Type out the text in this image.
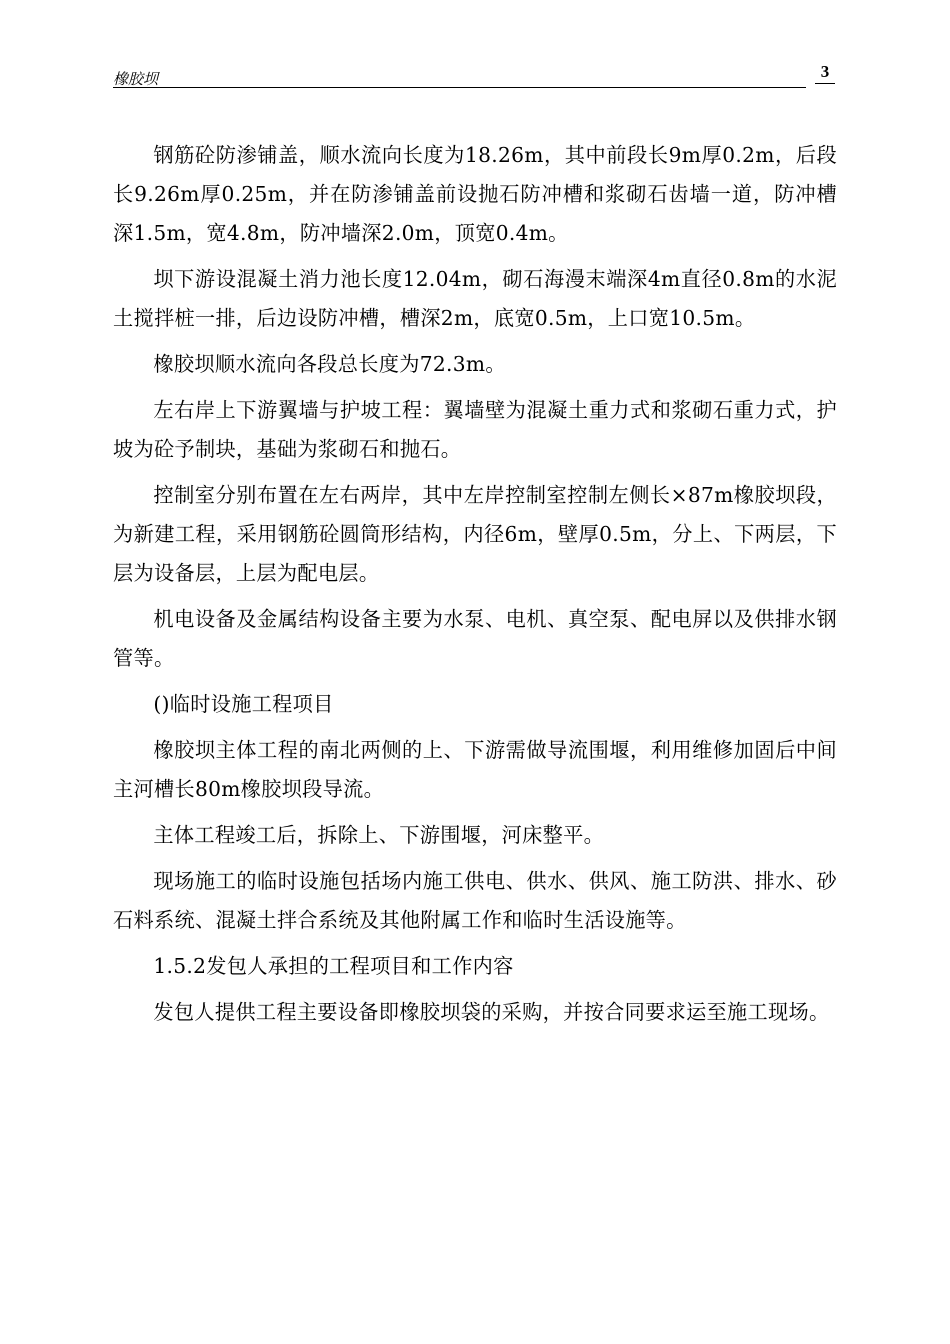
橡胶坝	3

钢筋砼防渗铺盖，顺水流向长度为18.26m，其中前段长9m厚0.2m，后段长9.26m厚0.25m，并在防渗铺盖前设抛石防冲槽和浆砌石齿墙一道，防冲槽深1.5m，宽4.8m，防冲墙深2.0m，顶宽0.4m。

坝下游设混凝土消力池长度12.04m，砌石海漫末端深4m直径0.8m的水泥土搅拌桩一排，后边设防冲槽，槽深2m，底宽0.5m，上口宽10.5m。

橡胶坝顺水流向各段总长度为72.3m。

左右岸上下游翼墙与护坡工程：翼墙壁为混凝土重力式和浆砌石重力式，护坡为砼予制块，基础为浆砌石和抛石。

控制室分别布置在左右两岸，其中左岸控制室控制左侧长×87m橡胶坝段，为新建工程，采用钢筋砼圆筒形结构，内径6m，壁厚0.5m，分上、下两层，下层为设备层，上层为配电层。

机电设备及金属结构设备主要为水泵、电机、真空泵、配电屏以及供排水钢管等。

()临时设施工程项目

橡胶坝主体工程的南北两侧的上、下游需做导流围堰，利用维修加固后中间主河槽长80m橡胶坝段导流。

主体工程竣工后，拆除上、下游围堰，河床整平。

现场施工的临时设施包括场内施工供电、供水、供风、施工防洪、排水、砂石料系统、混凝土拌合系统及其他附属工作和临时生活设施等。

1.5.2发包人承担的工程项目和工作内容

发包人提供工程主要设备即橡胶坝袋的采购，并按合同要求运至施工现场。
